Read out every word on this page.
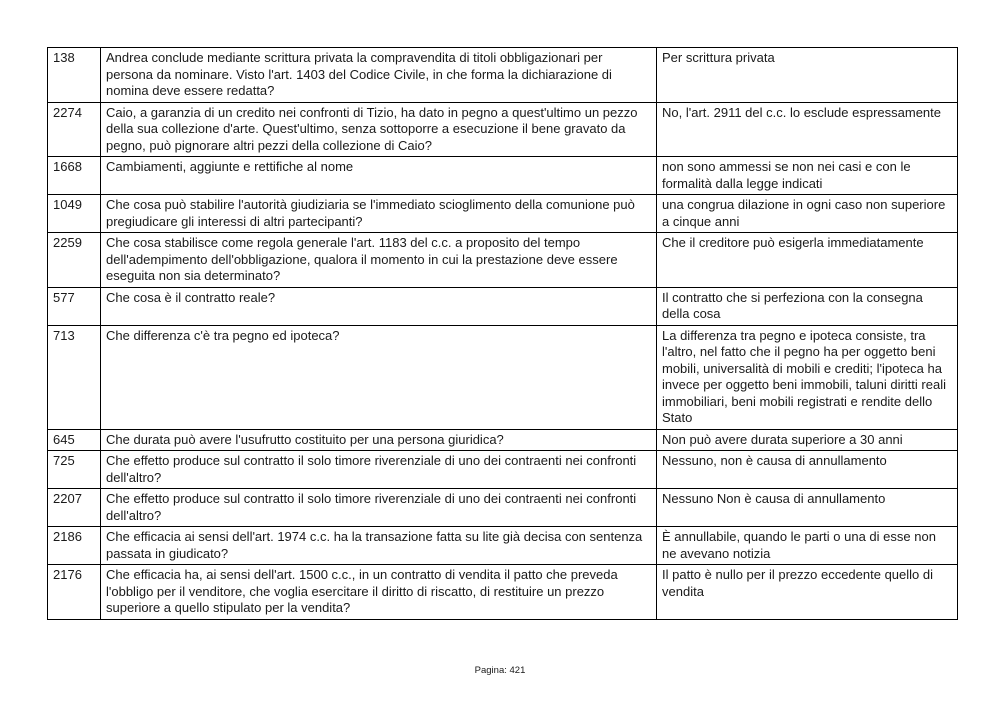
138	Andrea conclude mediante scrittura privata la compravendita di titoli obbligazionari per persona da nominare. Visto l'art. 1403 del Codice Civile, in che forma la dichiarazione di nomina deve essere redatta?	Per scrittura privata
2274	Caio, a garanzia di un credito nei confronti di Tizio, ha dato in pegno a quest'ultimo un pezzo della sua collezione d'arte. Quest'ultimo, senza sottoporre a esecuzione il bene gravato da pegno, può pignorare altri pezzi della collezione di Caio?	No, l'art. 2911 del c.c. lo esclude espressamente
1668	Cambiamenti, aggiunte e rettifiche al nome	non sono ammessi se non nei casi e con le formalità dalla legge indicati
1049	Che cosa può stabilire l'autorità giudiziaria se l'immediato scioglimento della comunione può pregiudicare gli interessi di altri partecipanti?	una congrua dilazione in ogni caso non superiore a cinque anni
2259	Che cosa stabilisce come regola generale l'art. 1183 del c.c. a proposito del tempo dell'adempimento dell'obbligazione, qualora il momento in cui la prestazione deve essere eseguita non sia determinato?	Che il creditore può esigerla immediatamente
577	Che cosa è il contratto reale?	Il contratto che si perfeziona con la consegna della cosa
713	Che differenza c'è tra pegno ed ipoteca?	La differenza tra pegno e ipoteca consiste, tra l'altro, nel fatto che il pegno ha per oggetto beni mobili, universalità di mobili e crediti; l'ipoteca ha invece per oggetto beni immobili, taluni diritti reali immobiliari, beni mobili registrati e rendite dello Stato
645	Che durata può avere l'usufrutto costituito per una persona giuridica?	Non può avere durata superiore a 30 anni
725	Che effetto produce sul contratto il solo timore riverenziale di uno dei contraenti nei confronti dell'altro?	Nessuno, non è causa di annullamento
2207	Che effetto produce sul contratto il solo timore riverenziale di uno dei contraenti nei confronti dell'altro?	Nessuno Non è causa di annullamento
2186	Che efficacia ai sensi dell'art. 1974 c.c. ha la transazione fatta su lite già decisa con sentenza passata in giudicato?	È annullabile, quando le parti o una di esse non ne avevano notizia
2176	Che efficacia ha, ai sensi dell'art. 1500 c.c., in un contratto di vendita il patto che preveda l'obbligo per il venditore, che voglia esercitare il diritto di riscatto, di restituire un prezzo superiore a quello stipulato per la vendita?	Il patto è nullo per il prezzo eccedente quello di vendita
Pagina: 421
